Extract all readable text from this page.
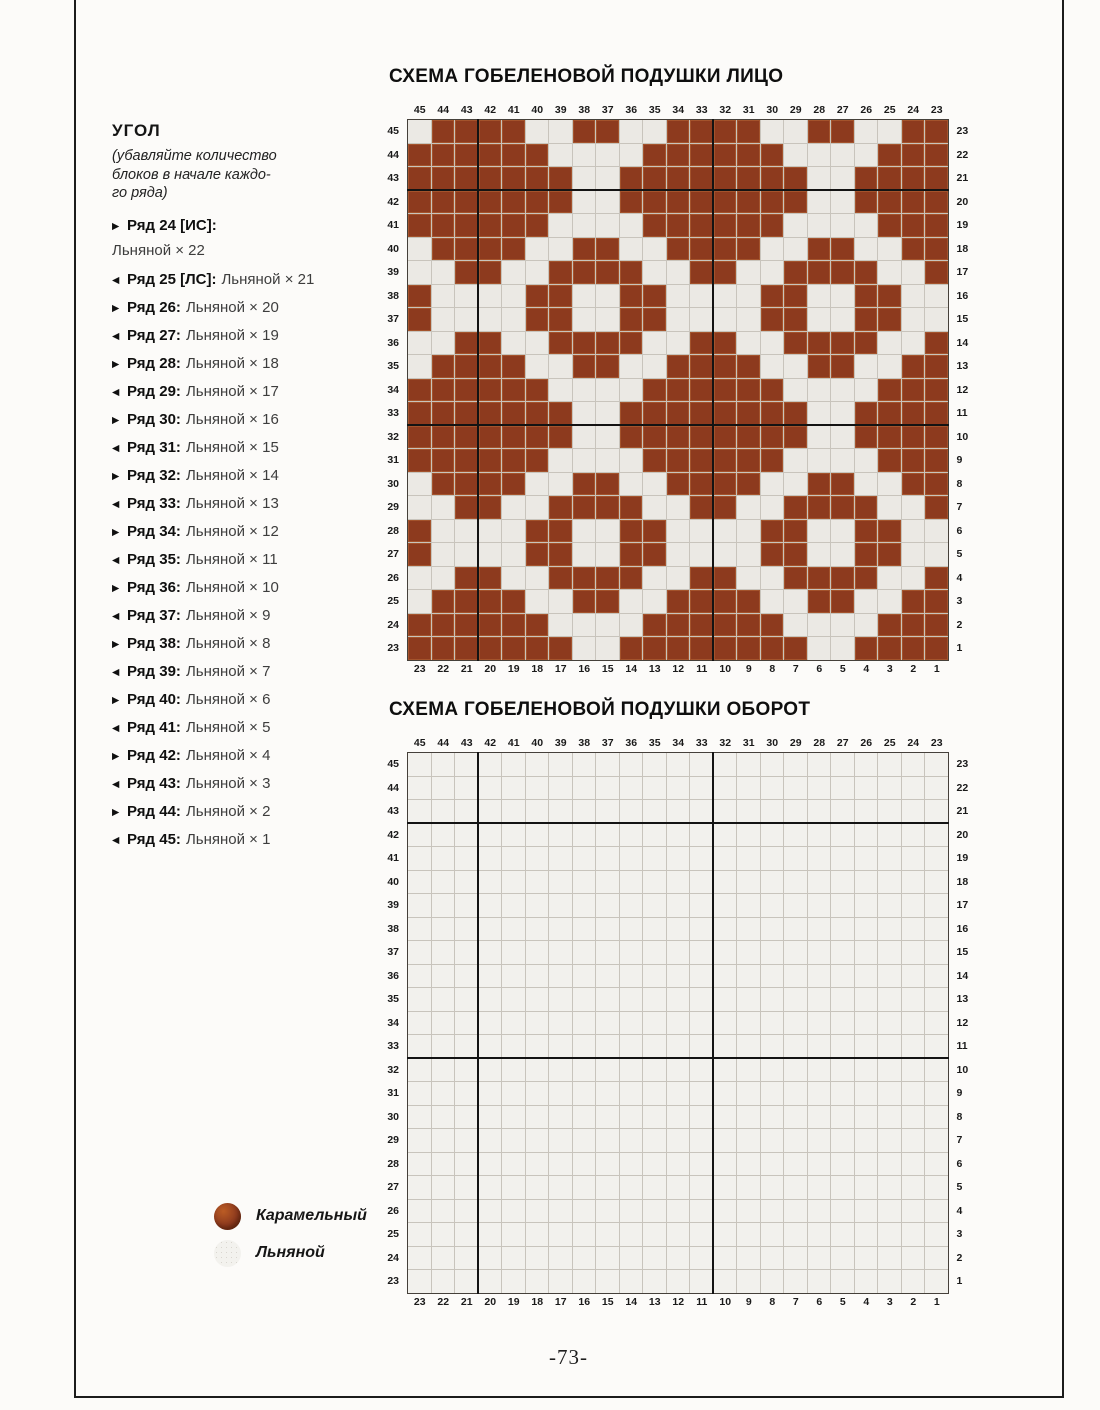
СХЕМА ГОБЕЛЕНОВОЙ ПОДУШКИ ЛИЦО
УГОЛ
(убавляйте количество
блоков в начале каждо-
го ряда)
▶ Ряд 24 [ИС]:
Льняной × 22
◀ Ряд 25 [ЛС]: Льняной × 21
▶ Ряд 26: Льняной × 20
◀ Ряд 27: Льняной × 19
▶ Ряд 28: Льняной × 18
◀ Ряд 29: Льняной × 17
▶ Ряд 30: Льняной × 16
◀ Ряд 31: Льняной × 15
▶ Ряд 32: Льняной × 14
◀ Ряд 33: Льняной × 13
▶ Ряд 34: Льняной × 12
◀ Ряд 35: Льняной × 11
▶ Ряд 36: Льняной × 10
◀ Ряд 37: Льняной × 9
▶ Ряд 38: Льняной × 8
◀ Ряд 39: Льняной × 7
▶ Ряд 40: Льняной × 6
◀ Ряд 41: Льняной × 5
▶ Ряд 42: Льняной × 4
◀ Ряд 43: Льняной × 3
▶ Ряд 44: Льняной × 2
◀ Ряд 45: Льняной × 1
45	44	43	42	41	40	39	38	37	36	35	34	33	32	31	30	29	28	27	26	25	24	23
45
44
43
42
41
40
39
38
37
36
35
34
33
32
31
30
29
28
27
26
25
24
23
23
22
21
20
19
18
17
16
15
14
13
12
11
10
9
8
7
6
5
4
3
2
1
23	22	21	20	19	18	17	16	15	14	13	12	11	10	9	8	7	6	5	4	3	2	1
СХЕМА ГОБЕЛЕНОВОЙ ПОДУШКИ ОБОРОТ
45	44	43	42	41	40	39	38	37	36	35	34	33	32	31	30	29	28	27	26	25	24	23
45
44
43
42
41
40
39
38
37
36
35
34
33
32
31
30
29
28
27
26
25
24
23
23
22
21
20
19
18
17
16
15
14
13
12
11
10
9
8
7
6
5
4
3
2
1
23	22	21	20	19	18	17	16	15	14	13	12	11	10	9	8	7	6	5	4	3	2	1
Карамельный
Льняной
-73-
